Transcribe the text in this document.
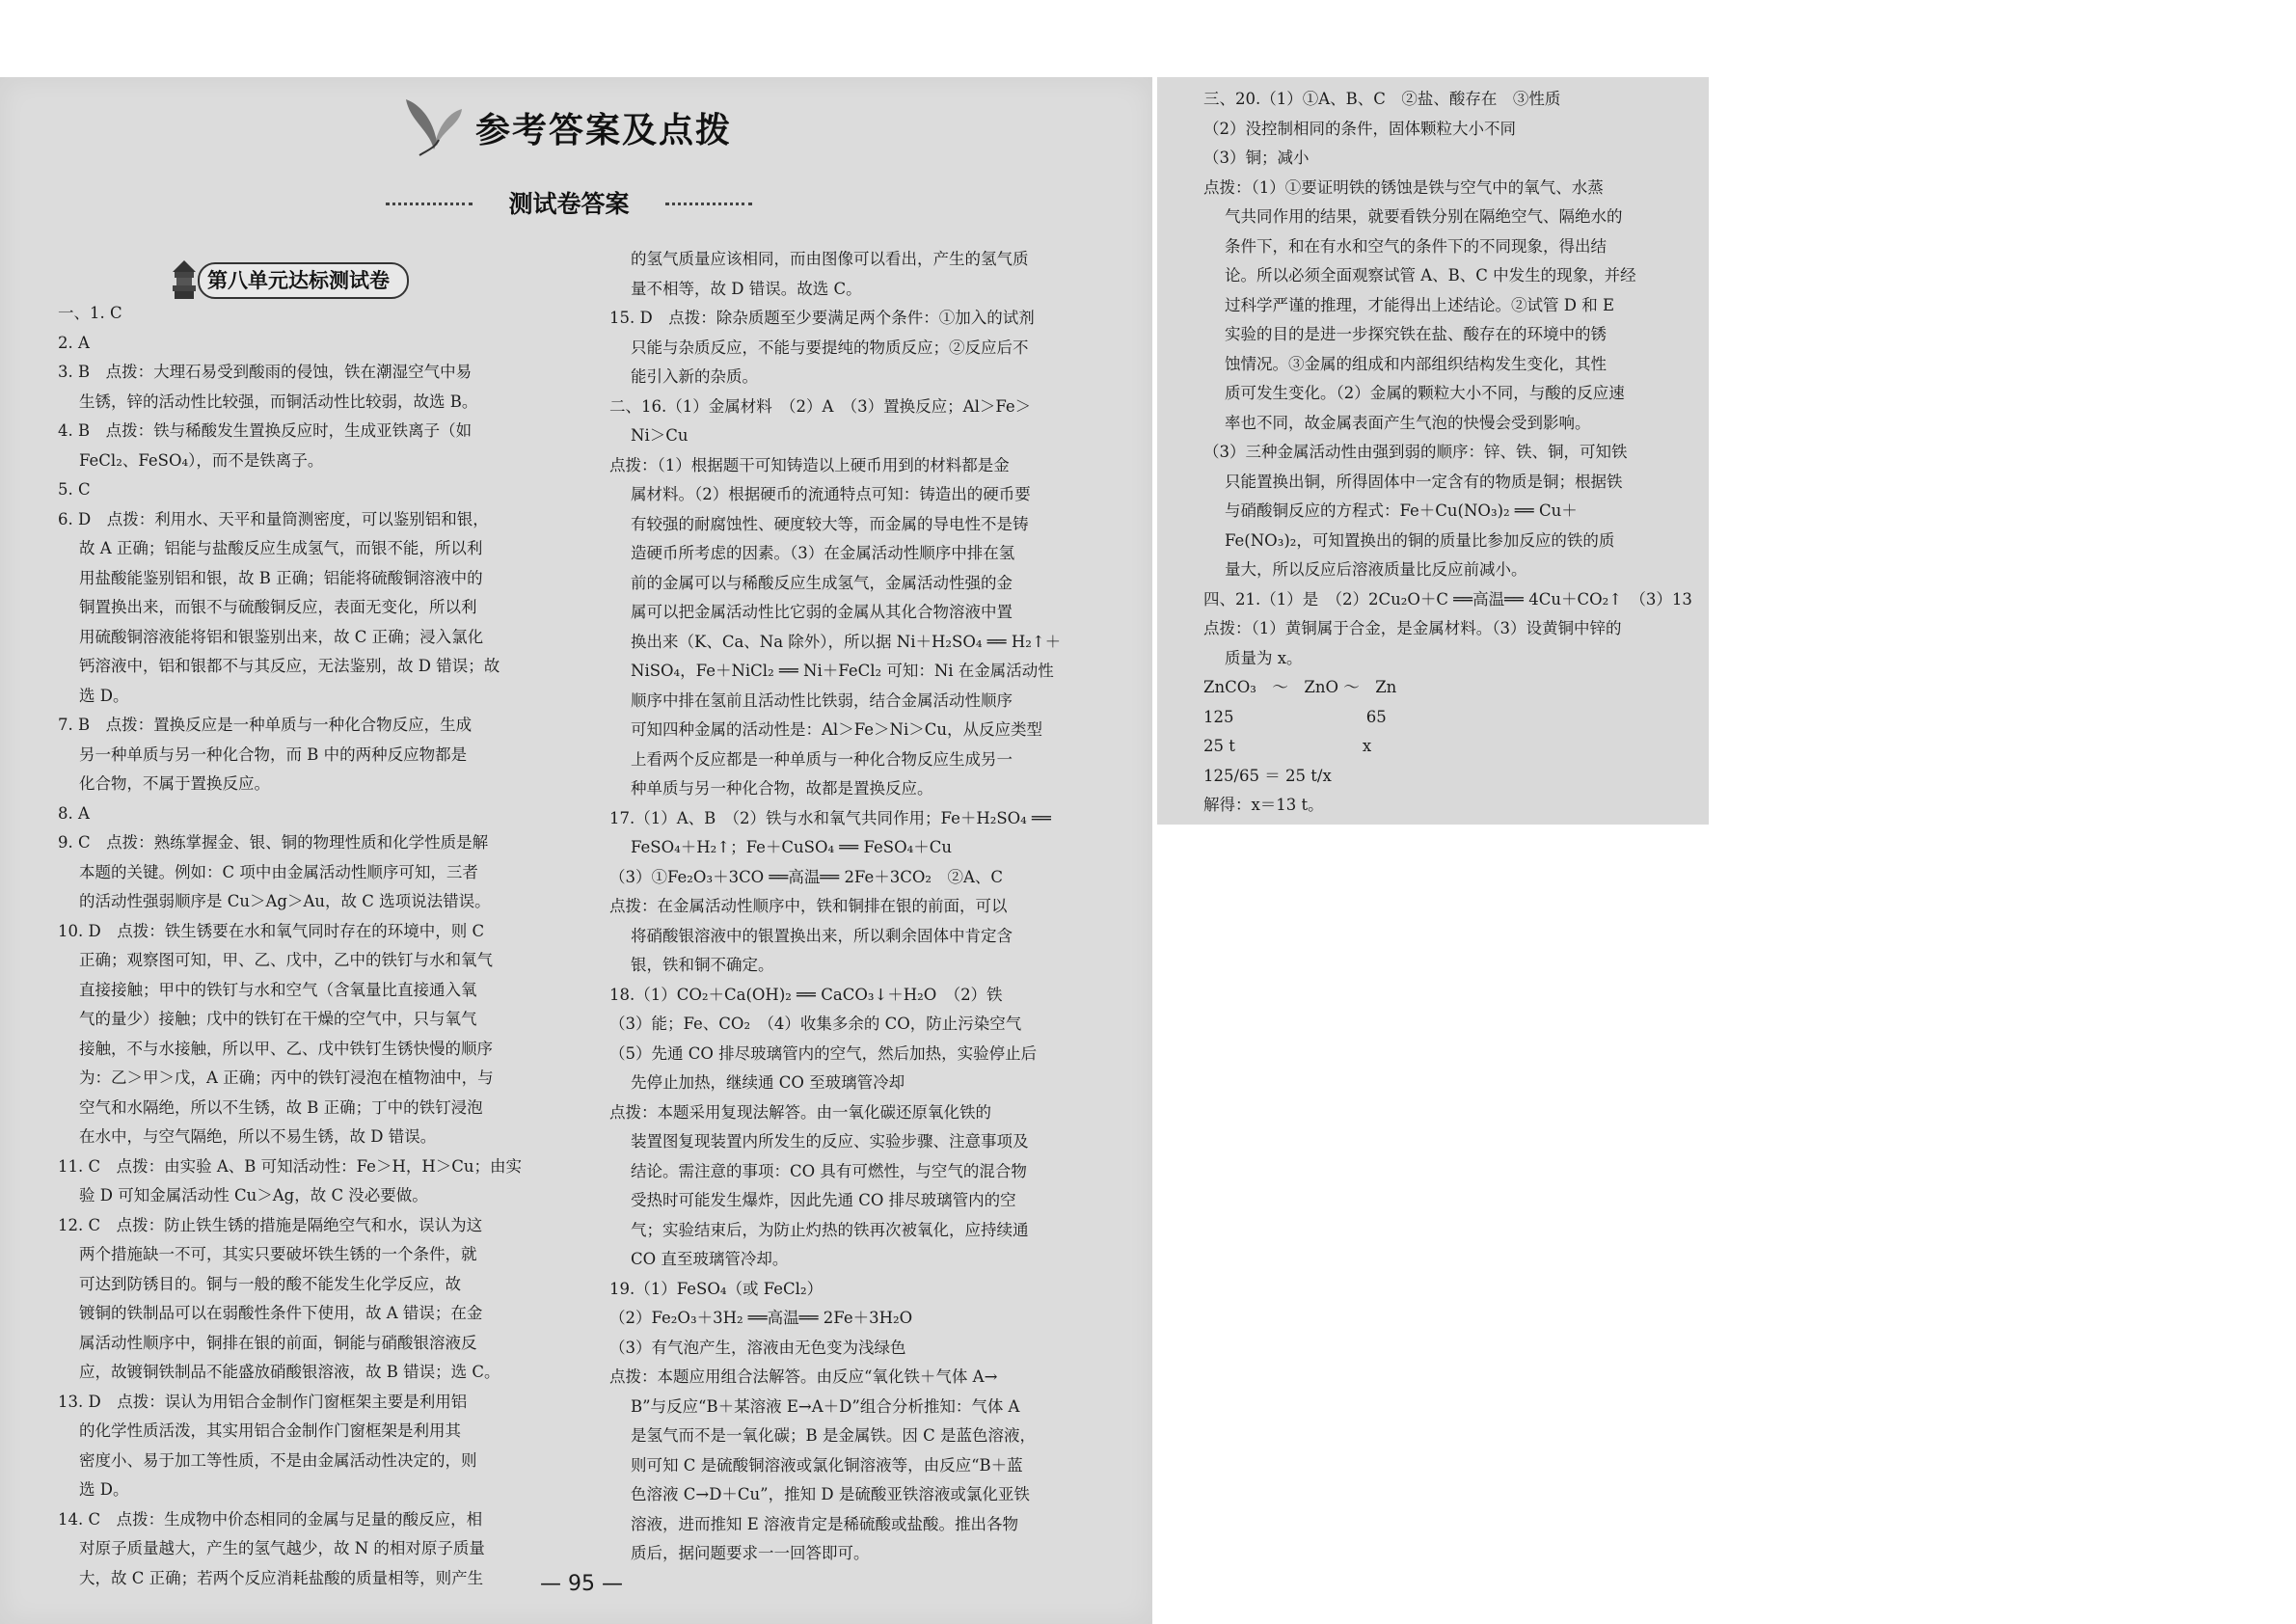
参考答案及点拨
测试卷答案
第八单元达标测试卷
一、1. C
2. A
3. B　点拨：大理石易受到酸雨的侵蚀，铁在潮湿空气中易
生锈，锌的活动性比较强，而铜活动性比较弱，故选 B。
4. B　点拨：铁与稀酸发生置换反应时，生成亚铁离子（如
FeCl₂、FeSO₄），而不是铁离子。
5. C
6. D　点拨：利用水、天平和量筒测密度，可以鉴别铝和银，
故 A 正确；铝能与盐酸反应生成氢气，而银不能，所以利
用盐酸能鉴别铝和银，故 B 正确；铝能将硫酸铜溶液中的
铜置换出来，而银不与硫酸铜反应，表面无变化，所以利
用硫酸铜溶液能将铝和银鉴别出来，故 C 正确；浸入氯化
钙溶液中，铝和银都不与其反应，无法鉴别，故 D 错误；故
选 D。
7. B　点拨：置换反应是一种单质与一种化合物反应，生成
另一种单质与另一种化合物，而 B 中的两种反应物都是
化合物，不属于置换反应。
8. A
9. C　点拨：熟练掌握金、银、铜的物理性质和化学性质是解
本题的关键。例如：C 项中由金属活动性顺序可知，三者
的活动性强弱顺序是 Cu＞Ag＞Au，故 C 选项说法错误。
10. D　点拨：铁生锈要在水和氧气同时存在的环境中，则 C
正确；观察图可知，甲、乙、戊中，乙中的铁钉与水和氧气
直接接触；甲中的铁钉与水和空气（含氧量比直接通入氧
气的量少）接触；戊中的铁钉在干燥的空气中，只与氧气
接触，不与水接触，所以甲、乙、戊中铁钉生锈快慢的顺序
为：乙＞甲＞戊，A 正确；丙中的铁钉浸泡在植物油中，与
空气和水隔绝，所以不生锈，故 B 正确；丁中的铁钉浸泡
在水中，与空气隔绝，所以不易生锈，故 D 错误。
11. C　点拨：由实验 A、B 可知活动性：Fe＞H，H＞Cu；由实
验 D 可知金属活动性 Cu＞Ag，故 C 没必要做。
12. C　点拨：防止铁生锈的措施是隔绝空气和水，误认为这
两个措施缺一不可，其实只要破坏铁生锈的一个条件，就
可达到防锈目的。铜与一般的酸不能发生化学反应，故
镀铜的铁制品可以在弱酸性条件下使用，故 A 错误；在金
属活动性顺序中，铜排在银的前面，铜能与硝酸银溶液反
应，故镀铜铁制品不能盛放硝酸银溶液，故 B 错误；选 C。
13. D　点拨：误认为用铝合金制作门窗框架主要是利用铝
的化学性质活泼，其实用铝合金制作门窗框架是利用其
密度小、易于加工等性质，不是由金属活动性决定的，则
选 D。
14. C　点拨：生成物中价态相同的金属与足量的酸反应，相
对原子质量越大，产生的氢气越少，故 N 的相对原子质量
大，故 C 正确；若两个反应消耗盐酸的质量相等，则产生
的氢气质量应该相同，而由图像可以看出，产生的氢气质
量不相等，故 D 错误。故选 C。
15. D　点拨：除杂质题至少要满足两个条件：①加入的试剂
只能与杂质反应，不能与要提纯的物质反应；②反应后不
能引入新的杂质。
二、16.（1）金属材料　（2）A　（3）置换反应；Al＞Fe＞
Ni＞Cu
点拨：（1）根据题干可知铸造以上硬币用到的材料都是金
属材料。（2）根据硬币的流通特点可知：铸造出的硬币要
有较强的耐腐蚀性、硬度较大等，而金属的导电性不是铸
造硬币所考虑的因素。（3）在金属活动性顺序中排在氢
前的金属可以与稀酸反应生成氢气，金属活动性强的金
属可以把金属活动性比它弱的金属从其化合物溶液中置
换出来（K、Ca、Na 除外），所以据 Ni＋H₂SO₄ ══ H₂↑＋
NiSO₄，Fe＋NiCl₂ ══ Ni＋FeCl₂ 可知：Ni 在金属活动性
顺序中排在氢前且活动性比铁弱，结合金属活动性顺序
可知四种金属的活动性是：Al＞Fe＞Ni＞Cu，从反应类型
上看两个反应都是一种单质与一种化合物反应生成另一
种单质与另一种化合物，故都是置换反应。
17.（1）A、B　（2）铁与水和氧气共同作用；Fe＋H₂SO₄ ══
FeSO₄＋H₂↑；Fe＋CuSO₄ ══ FeSO₄＋Cu
（3）①Fe₂O₃＋3CO ══高温══ 2Fe＋3CO₂　②A、C
点拨：在金属活动性顺序中，铁和铜排在银的前面，可以
将硝酸银溶液中的银置换出来，所以剩余固体中肯定含
银，铁和铜不确定。
18.（1）CO₂＋Ca(OH)₂ ══ CaCO₃↓＋H₂O　（2）铁
（3）能；Fe、CO₂　（4）收集多余的 CO，防止污染空气
（5）先通 CO 排尽玻璃管内的空气，然后加热，实验停止后
先停止加热，继续通 CO 至玻璃管冷却
点拨：本题采用复现法解答。由一氧化碳还原氧化铁的
装置图复现装置内所发生的反应、实验步骤、注意事项及
结论。需注意的事项：CO 具有可燃性，与空气的混合物
受热时可能发生爆炸，因此先通 CO 排尽玻璃管内的空
气；实验结束后，为防止灼热的铁再次被氧化，应持续通
CO 直至玻璃管冷却。
19.（1）FeSO₄（或 FeCl₂）
（2）Fe₂O₃＋3H₂ ══高温══ 2Fe＋3H₂O
（3）有气泡产生，溶液由无色变为浅绿色
点拨：本题应用组合法解答。由反应“氧化铁＋气体 A→
B”与反应“B＋某溶液 E→A＋D”组合分析推知：气体 A
是氢气而不是一氧化碳；B 是金属铁。因 C 是蓝色溶液，
则可知 C 是硫酸铜溶液或氯化铜溶液等，由反应“B＋蓝
色溶液 C→D＋Cu”，推知 D 是硫酸亚铁溶液或氯化亚铁
溶液，进而推知 E 溶液肯定是稀硫酸或盐酸。推出各物
质后，据问题要求一一回答即可。
三、20.（1）①A、B、C　②盐、酸存在　③性质
（2）没控制相同的条件，固体颗粒大小不同
（3）铜；减小
点拨：（1）①要证明铁的锈蚀是铁与空气中的氧气、水蒸
气共同作用的结果，就要看铁分别在隔绝空气、隔绝水的
条件下，和在有水和空气的条件下的不同现象，得出结
论。所以必须全面观察试管 A、B、C 中发生的现象，并经
过科学严谨的推理，才能得出上述结论。②试管 D 和 E
实验的目的是进一步探究铁在盐、酸存在的环境中的锈
蚀情况。③金属的组成和内部组织结构发生变化，其性
质可发生变化。（2）金属的颗粒大小不同，与酸的反应速
率也不同，故金属表面产生气泡的快慢会受到影响。
（3）三种金属活动性由强到弱的顺序：锌、铁、铜，可知铁
只能置换出铜，所得固体中一定含有的物质是铜；根据铁
与硝酸铜反应的方程式：Fe＋Cu(NO₃)₂ ══ Cu＋
Fe(NO₃)₂，可知置换出的铜的质量比参加反应的铁的质
量大，所以反应后溶液质量比反应前减小。
四、21.（1）是　（2）2Cu₂O＋C ══高温══ 4Cu＋CO₂↑　（3）13
点拨：（1）黄铜属于合金，是金属材料。（3）设黄铜中锌的
质量为 x。
ZnCO₃　～　ZnO ～　Zn
125　　　　　　　　 65
25 t　　　　　　　　x
125/65 ＝ 25 t/x
解得：x＝13 t。
— 95 —
